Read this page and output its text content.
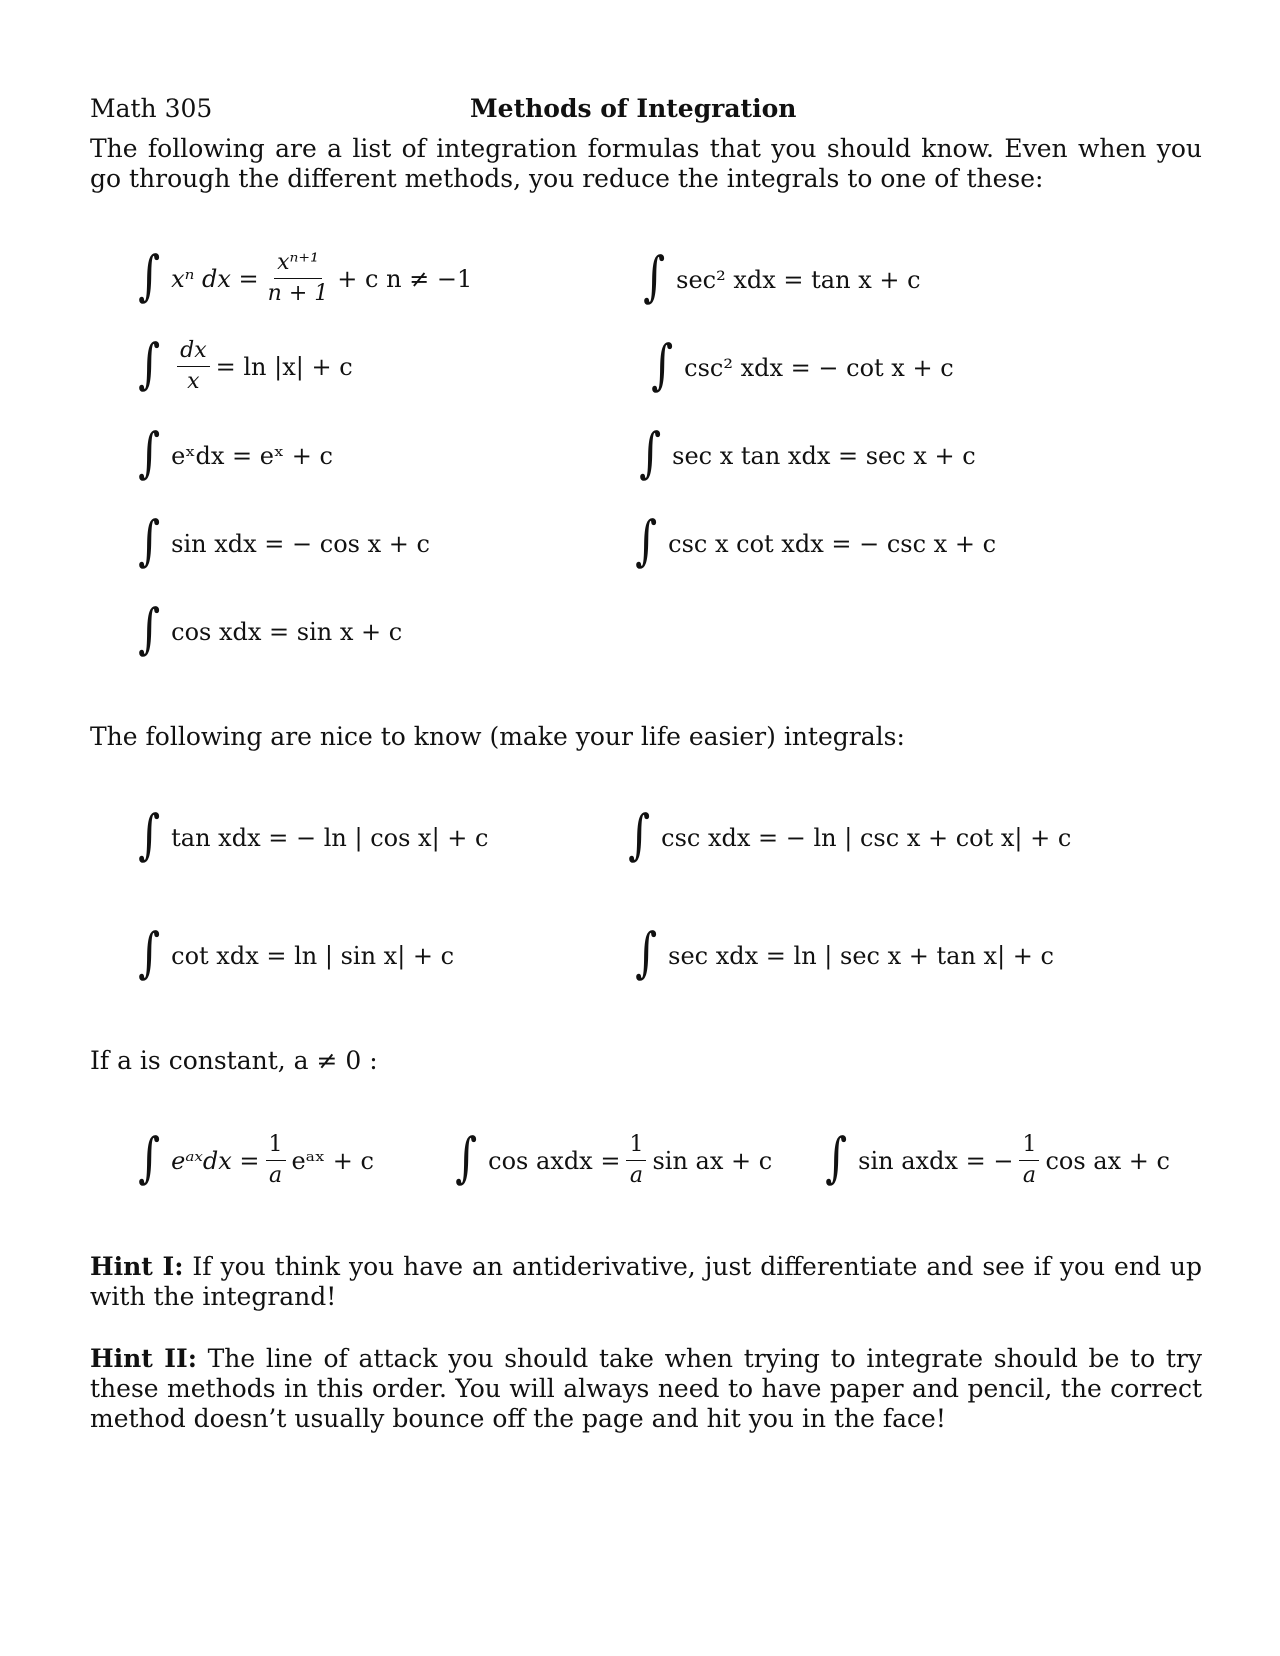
Math 305	Methods of Integration
The following are a list of integration formulas that you should know. Even when you go through the different methods, you reduce the integrals to one of these:
∫ xⁿ dx = $\frac{\text{xⁿ⁺¹}}{n + 1} + c$ n ≠ −1
∫ $\frac{dx}{x} = \ln |x| + c$
∫ eˣdx = eˣ + c
∫ sin xdx = − cos x + c
∫ cos xdx = sin x + c
∫ sec² xdx = tan x + c
∫ csc² xdx = − cot x + c
∫ sec x tan xdx = sec x + c
∫ csc x cot xdx = − csc x + c
The following are nice to know (make your life easier) integrals:
∫ tan xdx = − ln | cos x| + c
∫ cot xdx = ln | sin x| + c
∫ csc xdx = − ln | csc x + cot x| + c
∫ sec xdx = ln | sec x + tan x| + c
If a is constant, a ≠ 0 :
∫ eᵃˣdx = $\frac{1}{a}$ eᵃˣ + c ∫ cos axdx = $\frac{1}{a}$ sin ax + c ∫ sin axdx = − $\frac{1}{a}$ cos ax + c
Hint I: If you think you have an antiderivative, just differentiate and see if you end up with the integrand!
Hint II: The line of attack you should take when trying to integrate should be to try these methods in this order. You will always need to have paper and pencil, the correct method doesn’t usually bounce off the page and hit you in the face!
